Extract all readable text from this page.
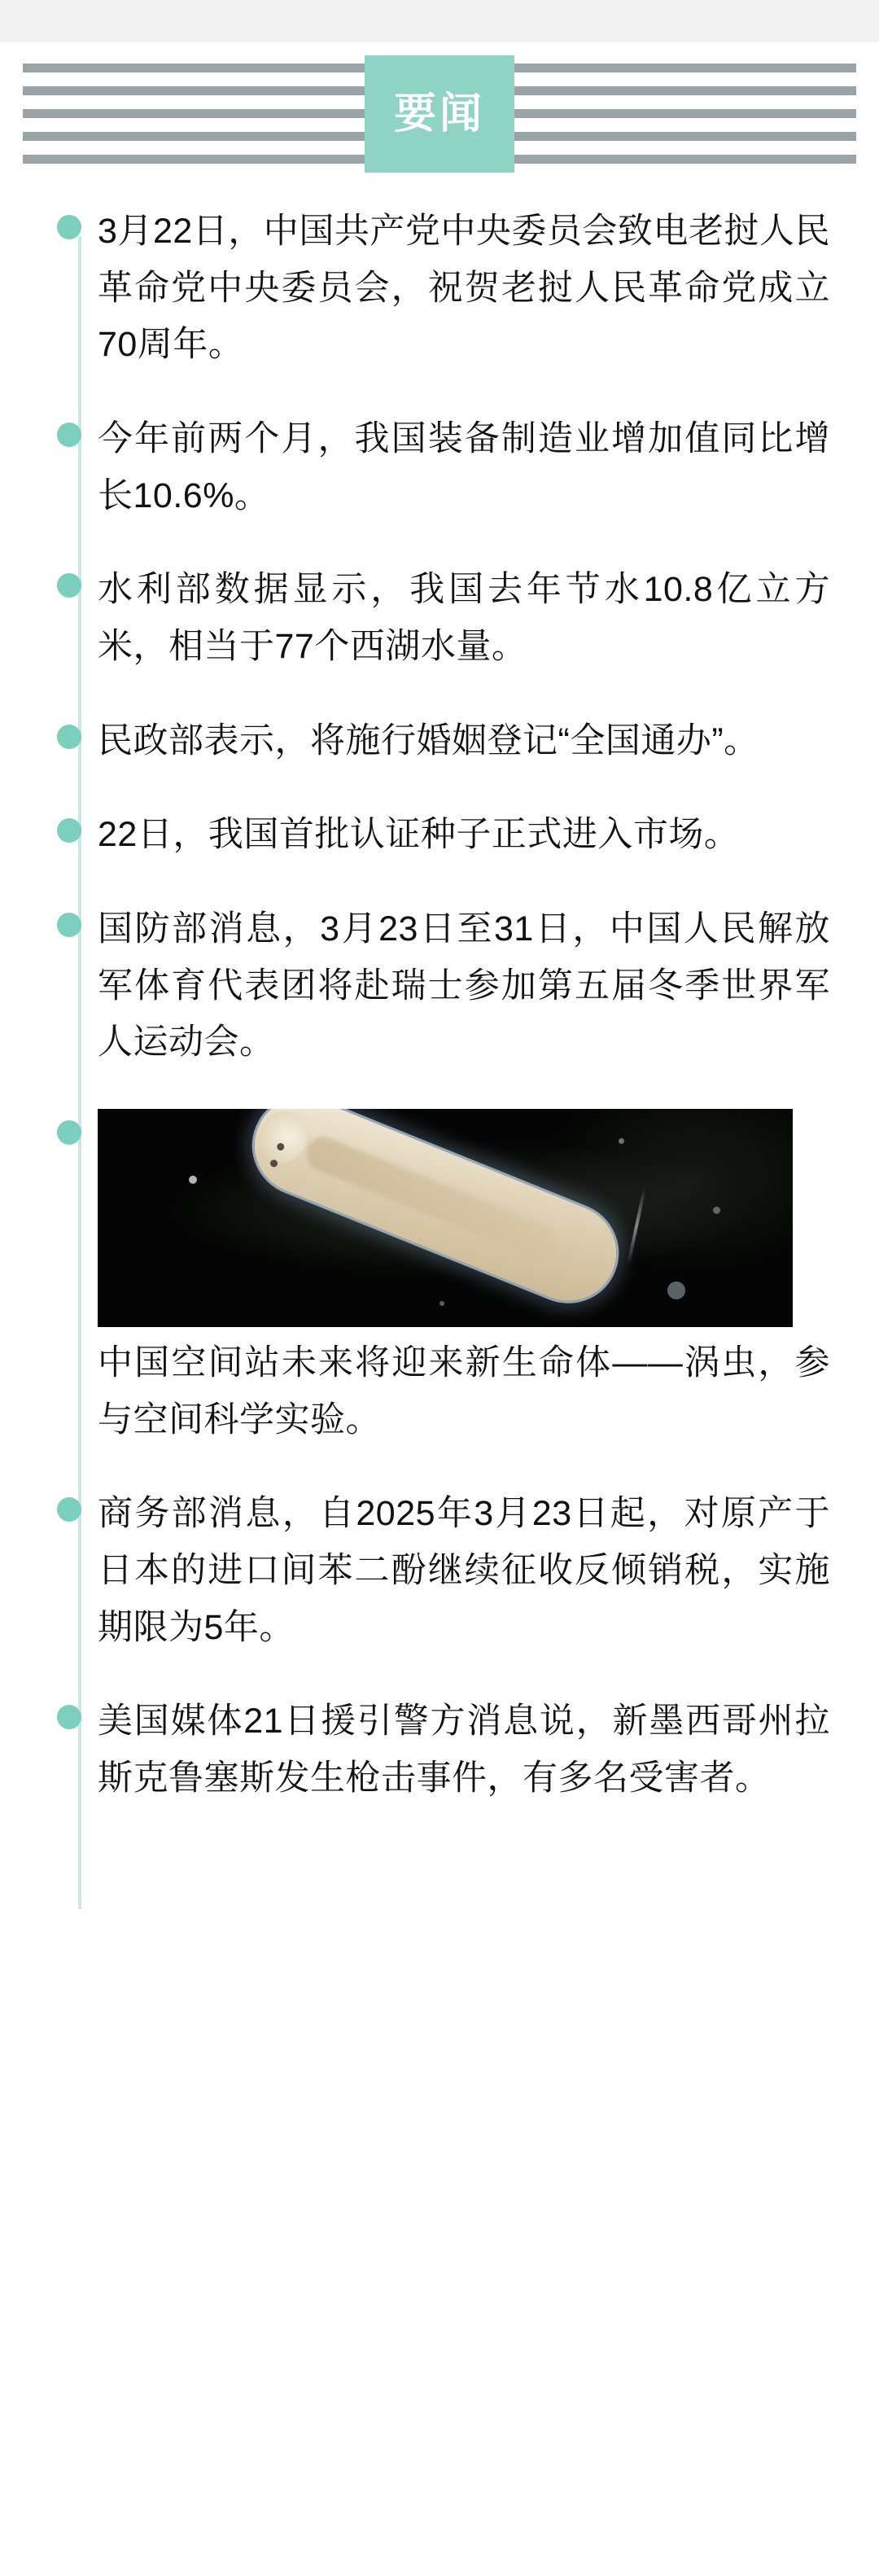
要闻

3月22日，中国共产党中央委员会致电老挝人民革命党中央委员会，祝贺老挝人民革命党成立70周年。

今年前两个月，我国装备制造业增加值同比增长10.6%。

水利部数据显示，我国去年节水10.8亿立方米，相当于77个西湖水量。

民政部表示，将施行婚姻登记“全国通办”。

22日，我国首批认证种子正式进入市场。

国防部消息，3月23日至31日，中国人民解放军体育代表团将赴瑞士参加第五届冬季世界军人运动会。

中国空间站未来将迎来新生命体——涡虫，参与空间科学实验。

商务部消息，自2025年3月23日起，对原产于日本的进口间苯二酚继续征收反倾销税，实施期限为5年。

美国媒体21日援引警方消息说，新墨西哥州拉斯克鲁塞斯发生枪击事件，有多名受害者。
